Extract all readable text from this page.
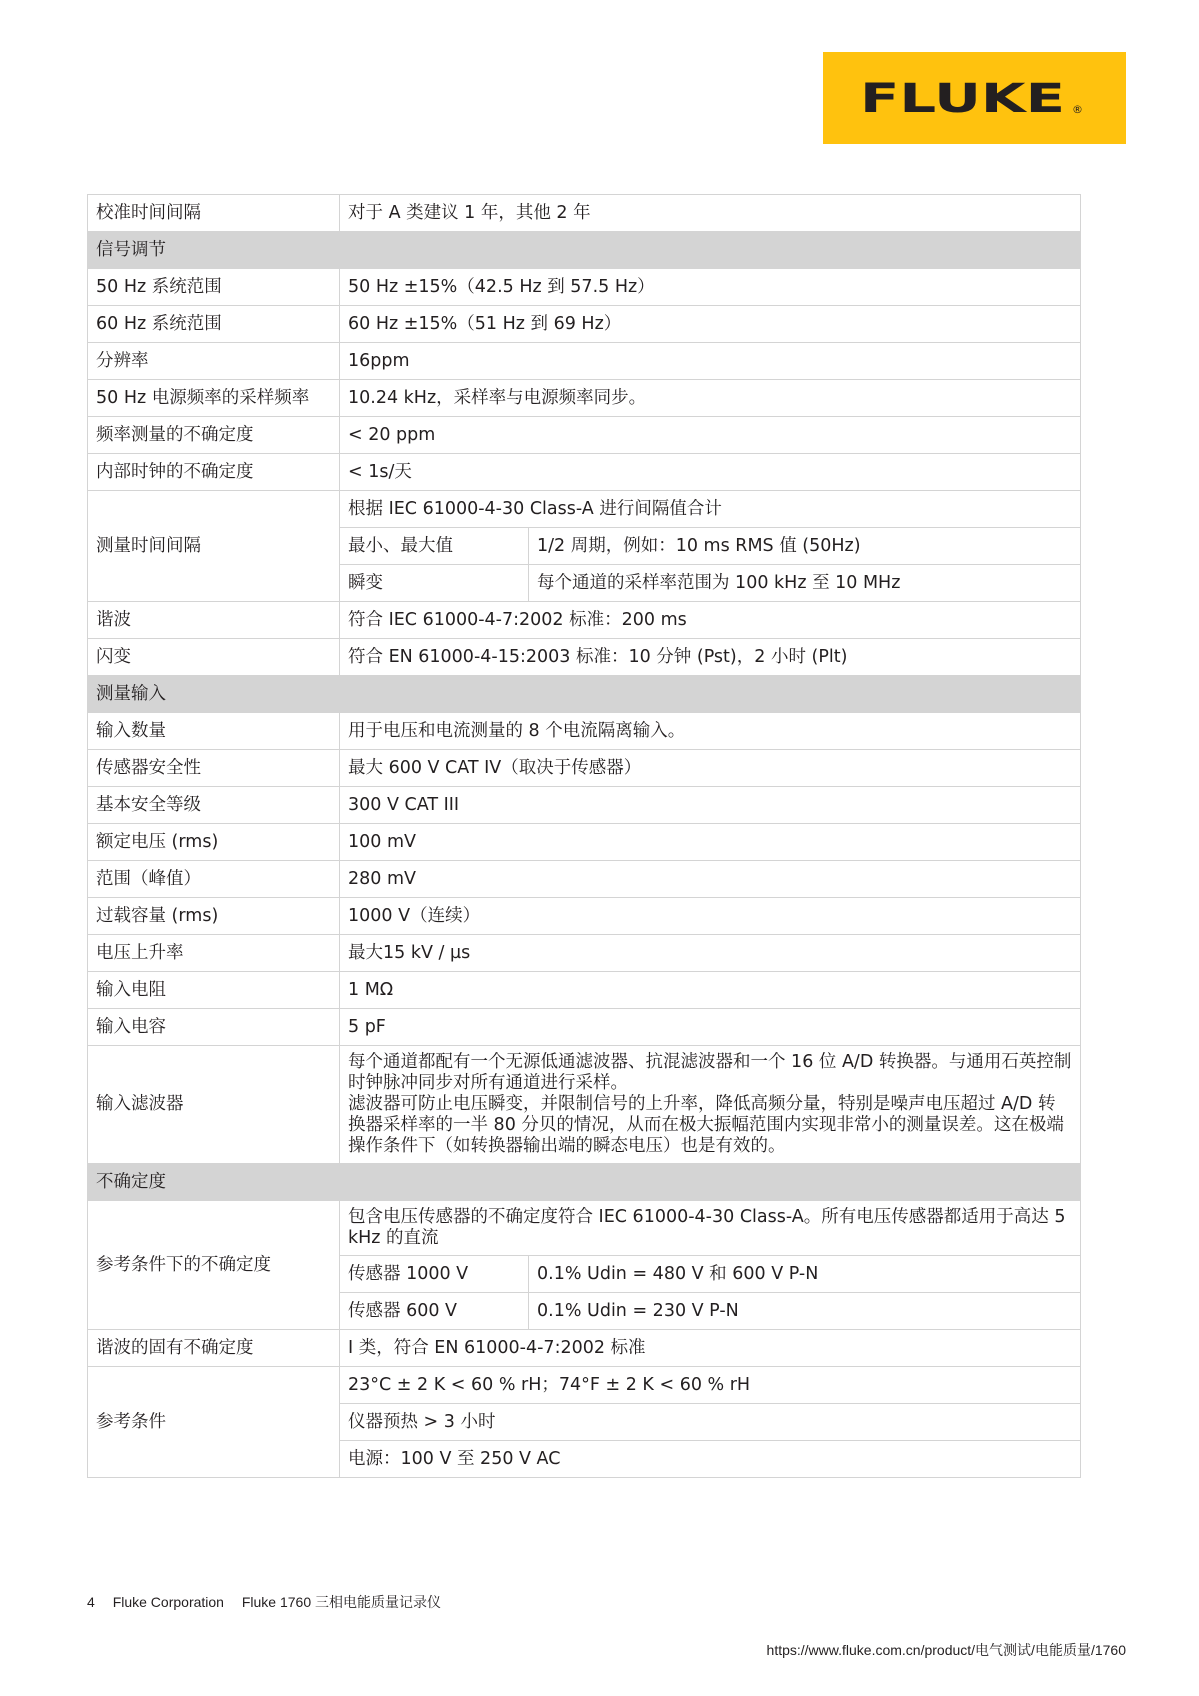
FLUKE ®
校准时间间隔	对于 A 类建议 1 年，其他 2 年	
信号调节		
50 Hz 系统范围	50 Hz ±15%（42.5 Hz 到 57.5 Hz）	
60 Hz 系统范围	60 Hz ±15%（51 Hz 到 69 Hz）	
分辨率	16ppm	
50 Hz 电源频率的采样频率	10.24 kHz，采样率与电源频率同步。	
频率测量的不确定度	< 20 ppm	
内部时钟的不确定度	< 1s/天	
测量时间间隔	根据 IEC 61000-4-30 Class-A 进行间隔值合计	
	最小、最大值	1/2 周期，例如：10 ms RMS 值 (50Hz)
	瞬变	每个通道的采样率范围为 100 kHz 至 10 MHz
谐波	符合 IEC 61000-4-7:2002 标准：200 ms	
闪变	符合 EN 61000-4-15:2003 标准：10 分钟 (Pst)，2 小时 (Plt)	
测量输入		
输入数量	用于电压和电流测量的 8 个电流隔离输入。	
传感器安全性	最大 600 V CAT IV（取决于传感器）	
基本安全等级	300 V CAT III	
额定电压 (rms)	100 mV	
范围（峰值）	280 mV	
过载容量 (rms)	1000 V（连续）	
电压上升率	最大15 kV / µs	
输入电阻	1 MΩ	
输入电容	5 pF	
输入滤波器	每个通道都配有一个无源低通滤波器、抗混滤波器和一个 16 位 A/D 转换器。与通用石英控制时钟脉冲同步对所有通道进行采样。
滤波器可防止电压瞬变，并限制信号的上升率，降低高频分量，特别是噪声电压超过 A/D 转换器采样率的一半 80 分贝的情况，从而在极大振幅范围内实现非常小的测量误差。这在极端操作条件下（如转换器输出端的瞬态电压）也是有效的。	

不确定度		
参考条件下的不确定度	包含电压传感器的不确定度符合 IEC 61000-4-30 Class-A。所有电压传感器都适用于高达 5 kHz 的直流	
	传感器 1000 V	0.1% Udin = 480 V 和 600 V P-N
	传感器 600 V	0.1% Udin = 230 V P-N
谐波的固有不确定度	I 类，符合 EN 61000-4-7:2002 标准	
参考条件	23°C ± 2 K < 60 % rH；74°F ± 2 K < 60 % rH	
	仪器预热 > 3 小时	
	电源：100 V 至 250 V AC	
4 Fluke Corporation Fluke 1760 三相电能质量记录仪
https://www.fluke.com.cn/product/电气测试/电能质量/1760
